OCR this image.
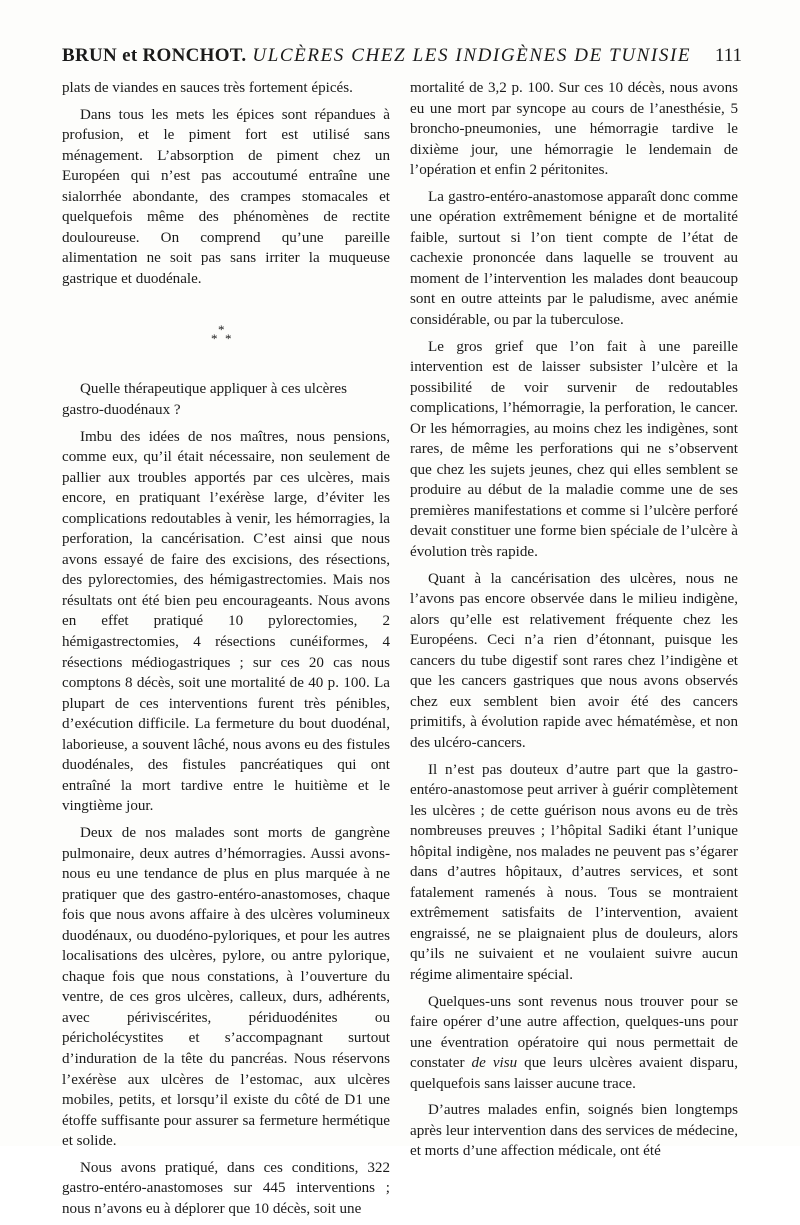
BRUN et RONCHOT. ULCÈRES CHEZ LES INDIGÈNES DE TUNISIE 111

plats de viandes en sauces très fortement épicés.

Dans tous les mets les épices sont répandues à profusion, et le piment fort est utilisé sans ménagement. L’absorption de piment chez un Européen qui n’est pas accoutumé entraîne une sialorrhée abondante, des crampes stomacales et quelquefois même des phénomènes de rectite douloureuse. On comprend qu’une pareille alimentation ne soit pas sans irriter la muqueuse gastrique et duodénale.

*
* *

Quelle thérapeutique appliquer à ces ulcères gastro-duodénaux ?

Imbu des idées de nos maîtres, nous pensions, comme eux, qu’il était nécessaire, non seulement de pallier aux troubles apportés par ces ulcères, mais encore, en pratiquant l’exérèse large, d’éviter les complications redoutables à venir, les hémorragies, la perforation, la cancérisation. C’est ainsi que nous avons essayé de faire des excisions, des résections, des pylorectomies, des hémigastrectomies. Mais nos résultats ont été bien peu encourageants. Nous avons en effet pratiqué 10 pylorectomies, 2 hémigastrectomies, 4 résections cunéiformes, 4 résections médiogastriques ; sur ces 20 cas nous comptons 8 décès, soit une mortalité de 40 p. 100. La plupart de ces interventions furent très pénibles, d’exécution difficile. La fermeture du bout duodénal, laborieuse, a souvent lâché, nous avons eu des fistules duodénales, des fistules pancréatiques qui ont entraîné la mort tardive entre le huitième et le vingtième jour.

Deux de nos malades sont morts de gangrène pulmonaire, deux autres d’hémorragies. Aussi avons-nous eu une tendance de plus en plus marquée à ne pratiquer que des gastro-entéro-anastomoses, chaque fois que nous avons affaire à des ulcères volumineux duodénaux, ou duodéno-pyloriques, et pour les autres localisations des ulcères, pylore, ou antre pylorique, chaque fois que nous constations, à l’ouverture du ventre, de ces gros ulcères, calleux, durs, adhérents, avec périviscérites, périduodénites ou péricholécystites et s’accompagnant surtout d’induration de la tête du pancréas. Nous réservons l’exérèse aux ulcères de l’estomac, aux ulcères mobiles, petits, et lorsqu’il existe du côté de D1 une étoffe suffisante pour assurer sa fermeture hermétique et solide.

Nous avons pratiqué, dans ces conditions, 322 gastro-entéro-anastomoses sur 445 interventions ; nous n’avons eu à déplorer que 10 décès, soit une

mortalité de 3,2 p. 100. Sur ces 10 décès, nous avons eu une mort par syncope au cours de l’anesthésie, 5 broncho-pneumonies, une hémorragie tardive le dixième jour, une hémorragie le lendemain de l’opération et enfin 2 péritonites.

La gastro-entéro-anastomose apparaît donc comme une opération extrêmement bénigne et de mortalité faible, surtout si l’on tient compte de l’état de cachexie prononcée dans laquelle se trouvent au moment de l’intervention les malades dont beaucoup sont en outre atteints par le paludisme, avec anémie considérable, ou par la tuberculose.

Le gros grief que l’on fait à une pareille intervention est de laisser subsister l’ulcère et la possibilité de voir survenir de redoutables complications, l’hémorragie, la perforation, le cancer. Or les hémorragies, au moins chez les indigènes, sont rares, de même les perforations qui ne s’observent que chez les sujets jeunes, chez qui elles semblent se produire au début de la maladie comme une de ses premières manifestations et comme si l’ulcère perforé devait constituer une forme bien spéciale de l’ulcère à évolution très rapide.

Quant à la cancérisation des ulcères, nous ne l’avons pas encore observée dans le milieu indigène, alors qu’elle est relativement fréquente chez les Européens. Ceci n’a rien d’étonnant, puisque les cancers du tube digestif sont rares chez l’indigène et que les cancers gastriques que nous avons observés chez eux semblent bien avoir été des cancers primitifs, à évolution rapide avec hématémèse, et non des ulcéro-cancers.

Il n’est pas douteux d’autre part que la gastro-entéro-anastomose peut arriver à guérir complètement les ulcères ; de cette guérison nous avons eu de très nombreuses preuves ; l’hôpital Sadiki étant l’unique hôpital indigène, nos malades ne peuvent pas s’égarer dans d’autres hôpitaux, d’autres services, et sont fatalement ramenés à nous. Tous se montraient extrêmement satisfaits de l’intervention, avaient engraissé, ne se plaignaient plus de douleurs, alors qu’ils ne suivaient et ne voulaient suivre aucun régime alimentaire spécial.

Quelques-uns sont revenus nous trouver pour se faire opérer d’une autre affection, quelques-uns pour une éventration opératoire qui nous permettait de constater de visu que leurs ulcères avaient disparu, quelquefois sans laisser aucune trace.

D’autres malades enfin, soignés bien longtemps après leur intervention dans des services de médecine, et morts d’une affection médicale, ont été
